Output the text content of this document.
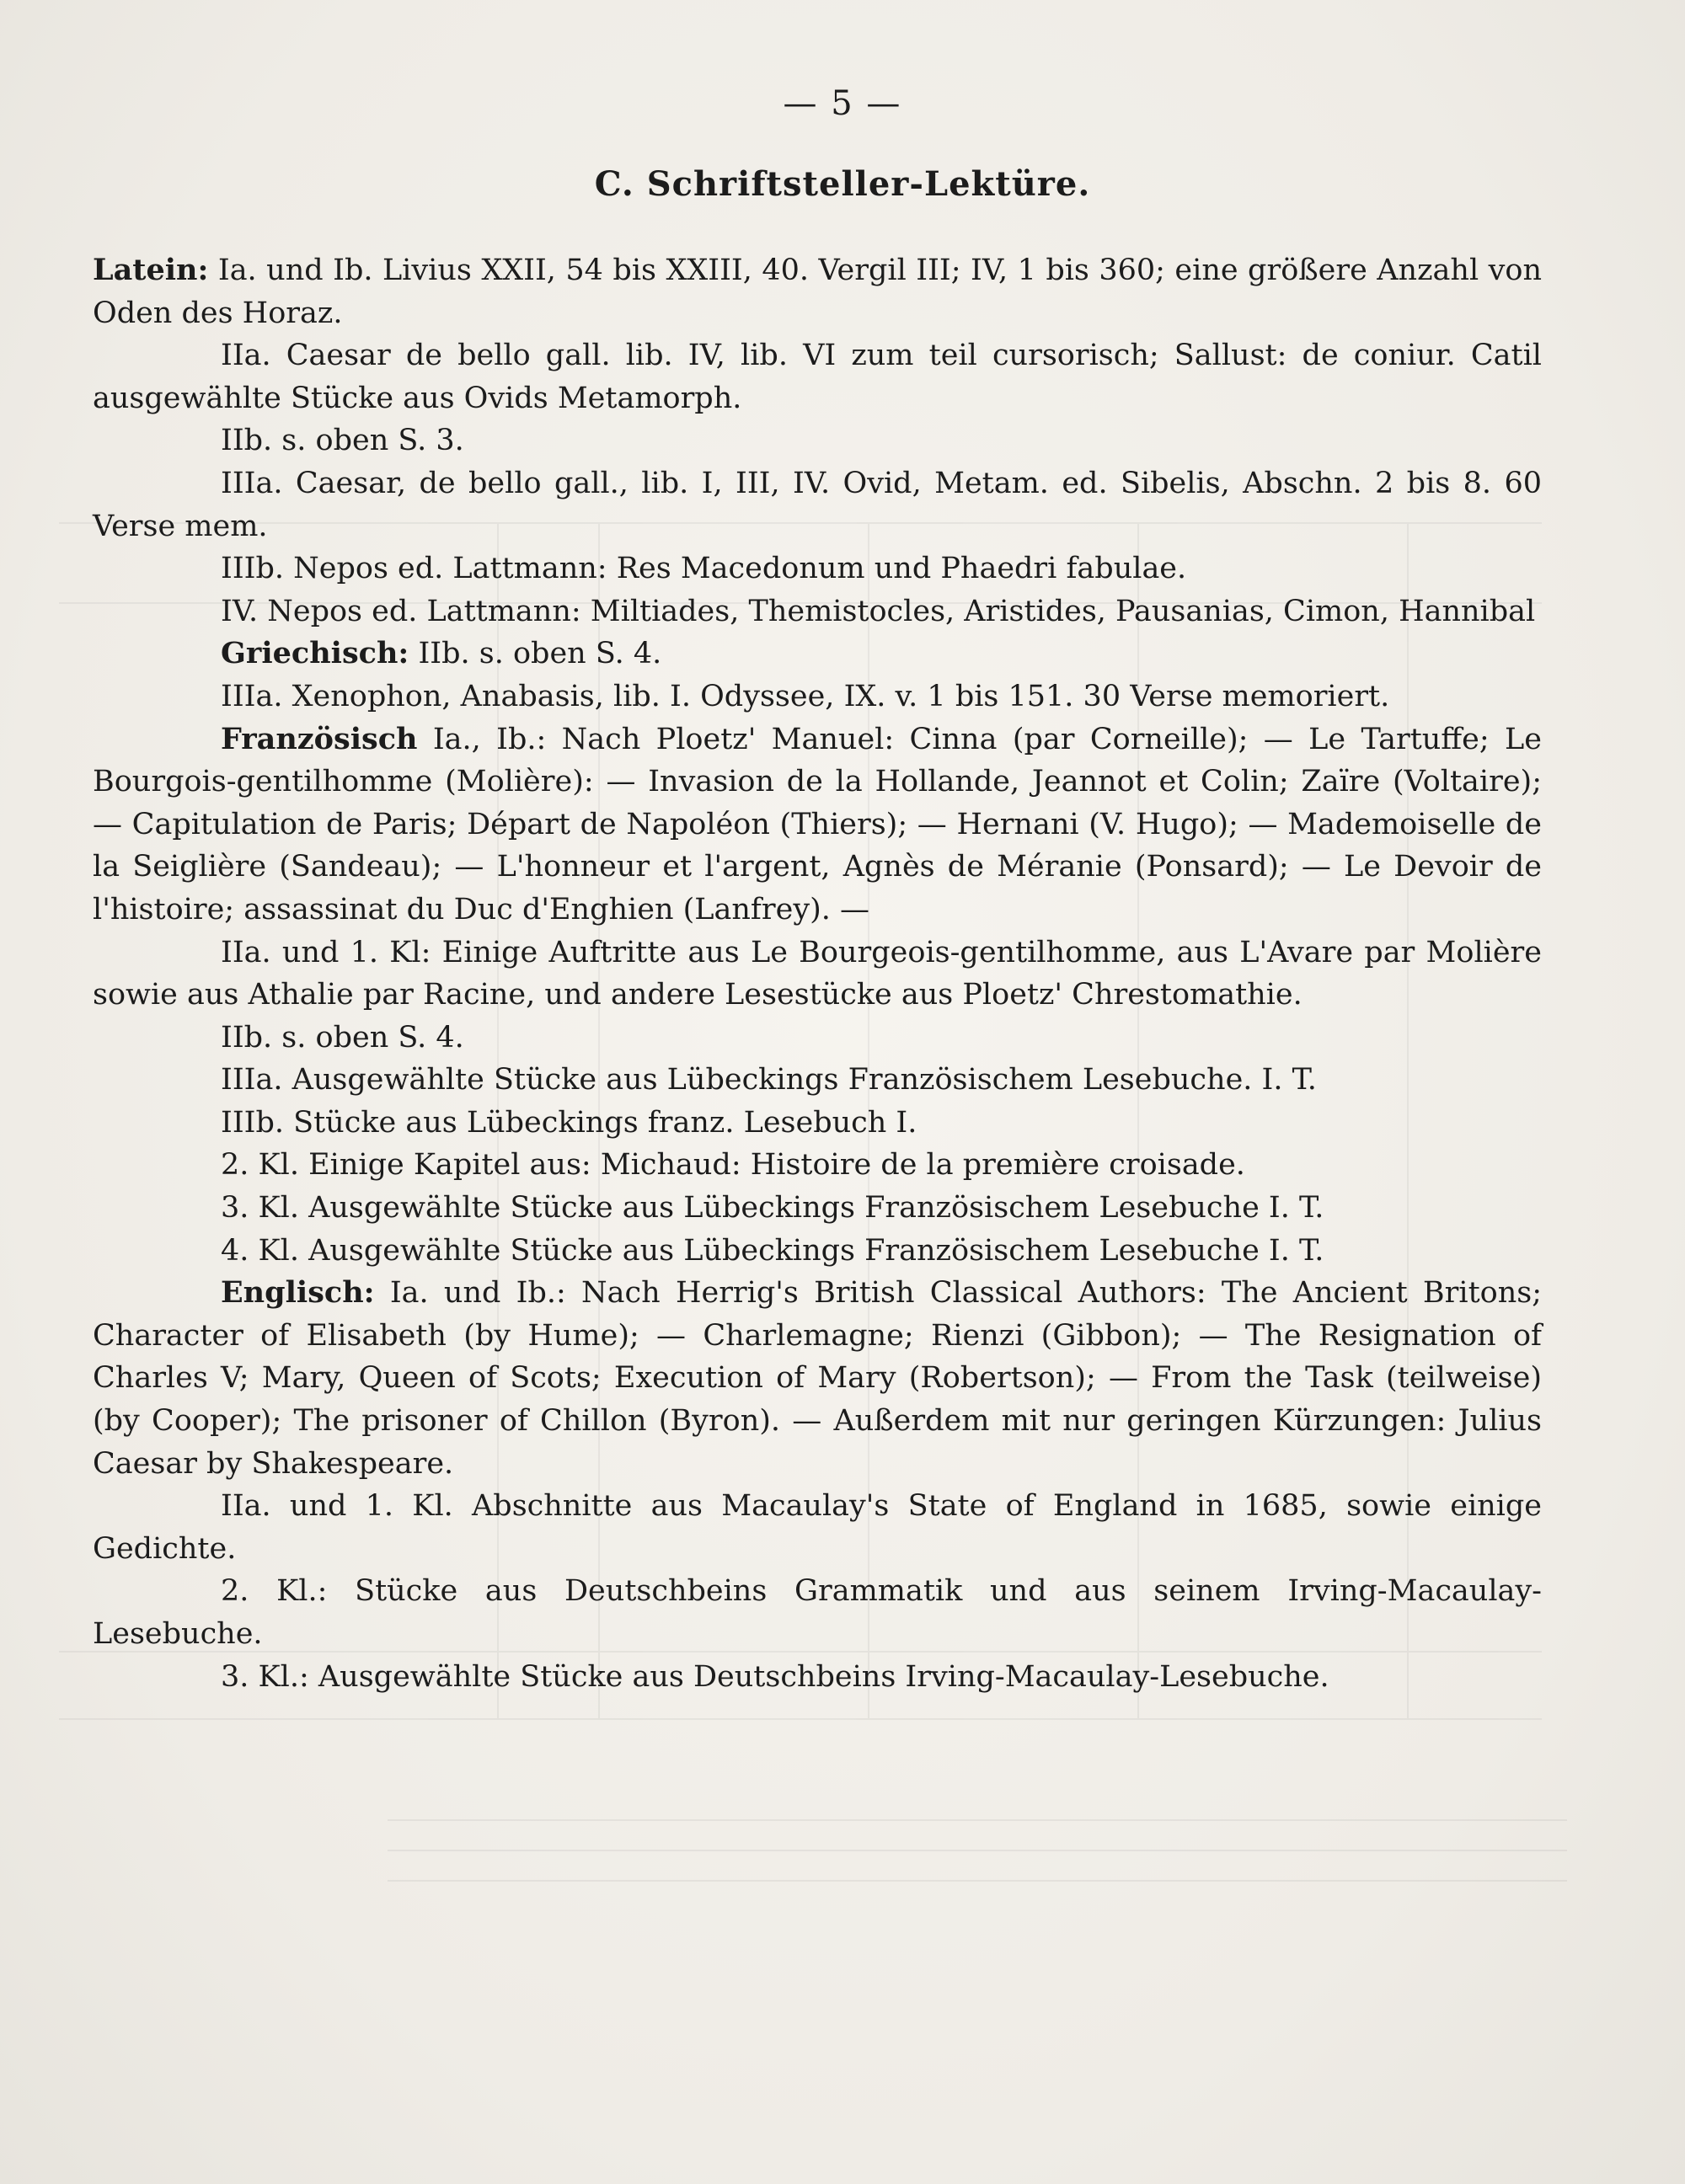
— 5 —
C. Schriftsteller-Lektüre.

Latein: Ia. und Ib. Livius XXII, 54 bis XXIII, 40. Vergil III; IV, 1 bis 360; eine größere Anzahl von Oden des Horaz.

IIa. Caesar de bello gall. lib. IV, lib. VI zum teil cursorisch; Sallust: de coniur. Catil ausgewählte Stücke aus Ovids Metamorph.

IIb. s. oben S. 3.

IIIa. Caesar, de bello gall., lib. I, III, IV. Ovid, Metam. ed. Sibelis, Abschn. 2 bis 8. 60 Verse mem.

IIIb. Nepos ed. Lattmann: Res Macedonum und Phaedri fabulae.

IV. Nepos ed. Lattmann: Miltiades, Themistocles, Aristides, Pausanias, Cimon, Hannibal

Griechisch: IIb. s. oben S. 4.

IIIa. Xenophon, Anabasis, lib. I. Odyssee, IX. v. 1 bis 151. 30 Verse memoriert.

Französisch Ia., Ib.: Nach Ploetz' Manuel: Cinna (par Corneille); — Le Tartuffe; Le Bourgois-gentilhomme (Molière): — Invasion de la Hollande, Jeannot et Colin; Zaïre (Voltaire); — Capitulation de Paris; Départ de Napoléon (Thiers); — Hernani (V. Hugo); — Mademoiselle de la Seiglière (Sandeau); — L'honneur et l'argent, Agnès de Méranie (Ponsard); — Le Devoir de l'histoire; assassinat du Duc d'Enghien (Lanfrey). —

IIa. und 1. Kl: Einige Auftritte aus Le Bourgeois-gentilhomme, aus L'Avare par Molière sowie aus Athalie par Racine, und andere Lesestücke aus Ploetz' Chrestomathie.

IIb. s. oben S. 4.

IIIa. Ausgewählte Stücke aus Lübeckings Französischem Lesebuche. I. T.

IIIb. Stücke aus Lübeckings franz. Lesebuch I.

2. Kl. Einige Kapitel aus: Michaud: Histoire de la première croisade.

3. Kl. Ausgewählte Stücke aus Lübeckings Französischem Lesebuche I. T.

4. Kl. Ausgewählte Stücke aus Lübeckings Französischem Lesebuche I. T.

Englisch: Ia. und Ib.: Nach Herrig's British Classical Authors: The Ancient Britons; Character of Elisabeth (by Hume); — Charlemagne; Rienzi (Gibbon); — The Resignation of Charles V; Mary, Queen of Scots; Execution of Mary (Robertson); — From the Task (teilweise) (by Cooper); The prisoner of Chillon (Byron). — Außerdem mit nur geringen Kürzungen: Julius Caesar by Shakespeare.

IIa. und 1. Kl. Abschnitte aus Macaulay's State of England in 1685, sowie einige Gedichte.

2. Kl.: Stücke aus Deutschbeins Grammatik und aus seinem Irving-Macaulay-Lesebuche.

3. Kl.: Ausgewählte Stücke aus Deutschbeins Irving-Macaulay-Lesebuche.
